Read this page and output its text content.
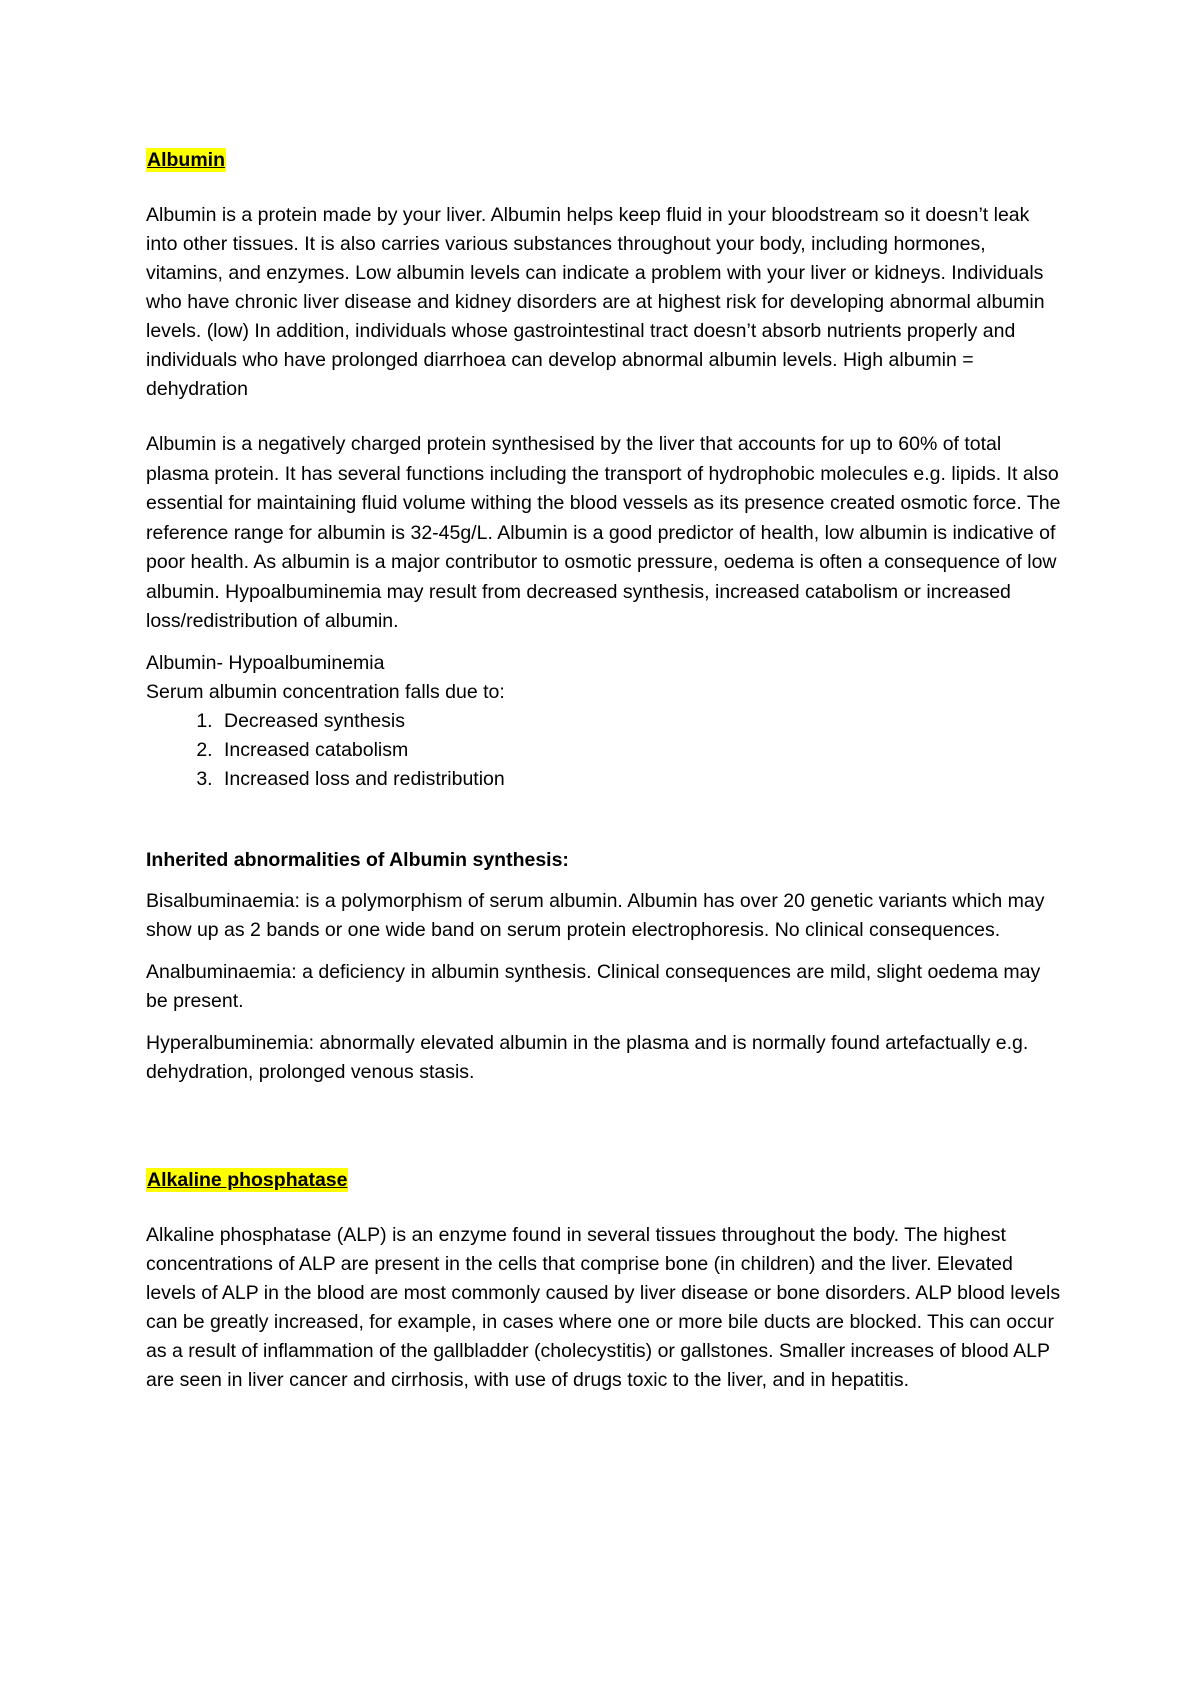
Albumin

Albumin is a protein made by your liver. Albumin helps keep fluid in your bloodstream so it doesn’t leak into other tissues. It is also carries various substances throughout your body, including hormones, vitamins, and enzymes. Low albumin levels can indicate a problem with your liver or kidneys. Individuals who have chronic liver disease and kidney disorders are at highest risk for developing abnormal albumin levels. (low) In addition, individuals whose gastrointestinal tract doesn’t absorb nutrients properly and individuals who have prolonged diarrhoea can develop abnormal albumin levels. High albumin = dehydration

Albumin is a negatively charged protein synthesised by the liver that accounts for up to 60% of total plasma protein. It has several functions including the transport of hydrophobic molecules e.g. lipids. It also essential for maintaining fluid volume withing the blood vessels as its presence created osmotic force. The reference range for albumin is 32-45g/L. Albumin is a good predictor of health, low albumin is indicative of poor health. As albumin is a major contributor to osmotic pressure, oedema is often a consequence of low albumin. Hypoalbuminemia may result from decreased synthesis, increased catabolism or increased loss/redistribution of albumin.

Albumin- Hypoalbuminemia

Serum albumin concentration falls due to:

1. Decreased synthesis
2. Increased catabolism
3. Increased loss and redistribution

Inherited abnormalities of Albumin synthesis:

Bisalbuminaemia: is a polymorphism of serum albumin. Albumin has over 20 genetic variants which may show up as 2 bands or one wide band on serum protein electrophoresis. No clinical consequences.

Analbuminaemia: a deficiency in albumin synthesis. Clinical consequences are mild, slight oedema may be present.

Hyperalbuminemia: abnormally elevated albumin in the plasma and is normally found artefactually e.g. dehydration, prolonged venous stasis.

Alkaline phosphatase

Alkaline phosphatase (ALP) is an enzyme found in several tissues throughout the body. The highest concentrations of ALP are present in the cells that comprise bone (in children) and the liver. Elevated levels of ALP in the blood are most commonly caused by liver disease or bone disorders. ALP blood levels can be greatly increased, for example, in cases where one or more bile ducts are blocked. This can occur as a result of inflammation of the gallbladder (cholecystitis) or gallstones. Smaller increases of blood ALP are seen in liver cancer and cirrhosis, with use of drugs toxic to the liver, and in hepatitis.
